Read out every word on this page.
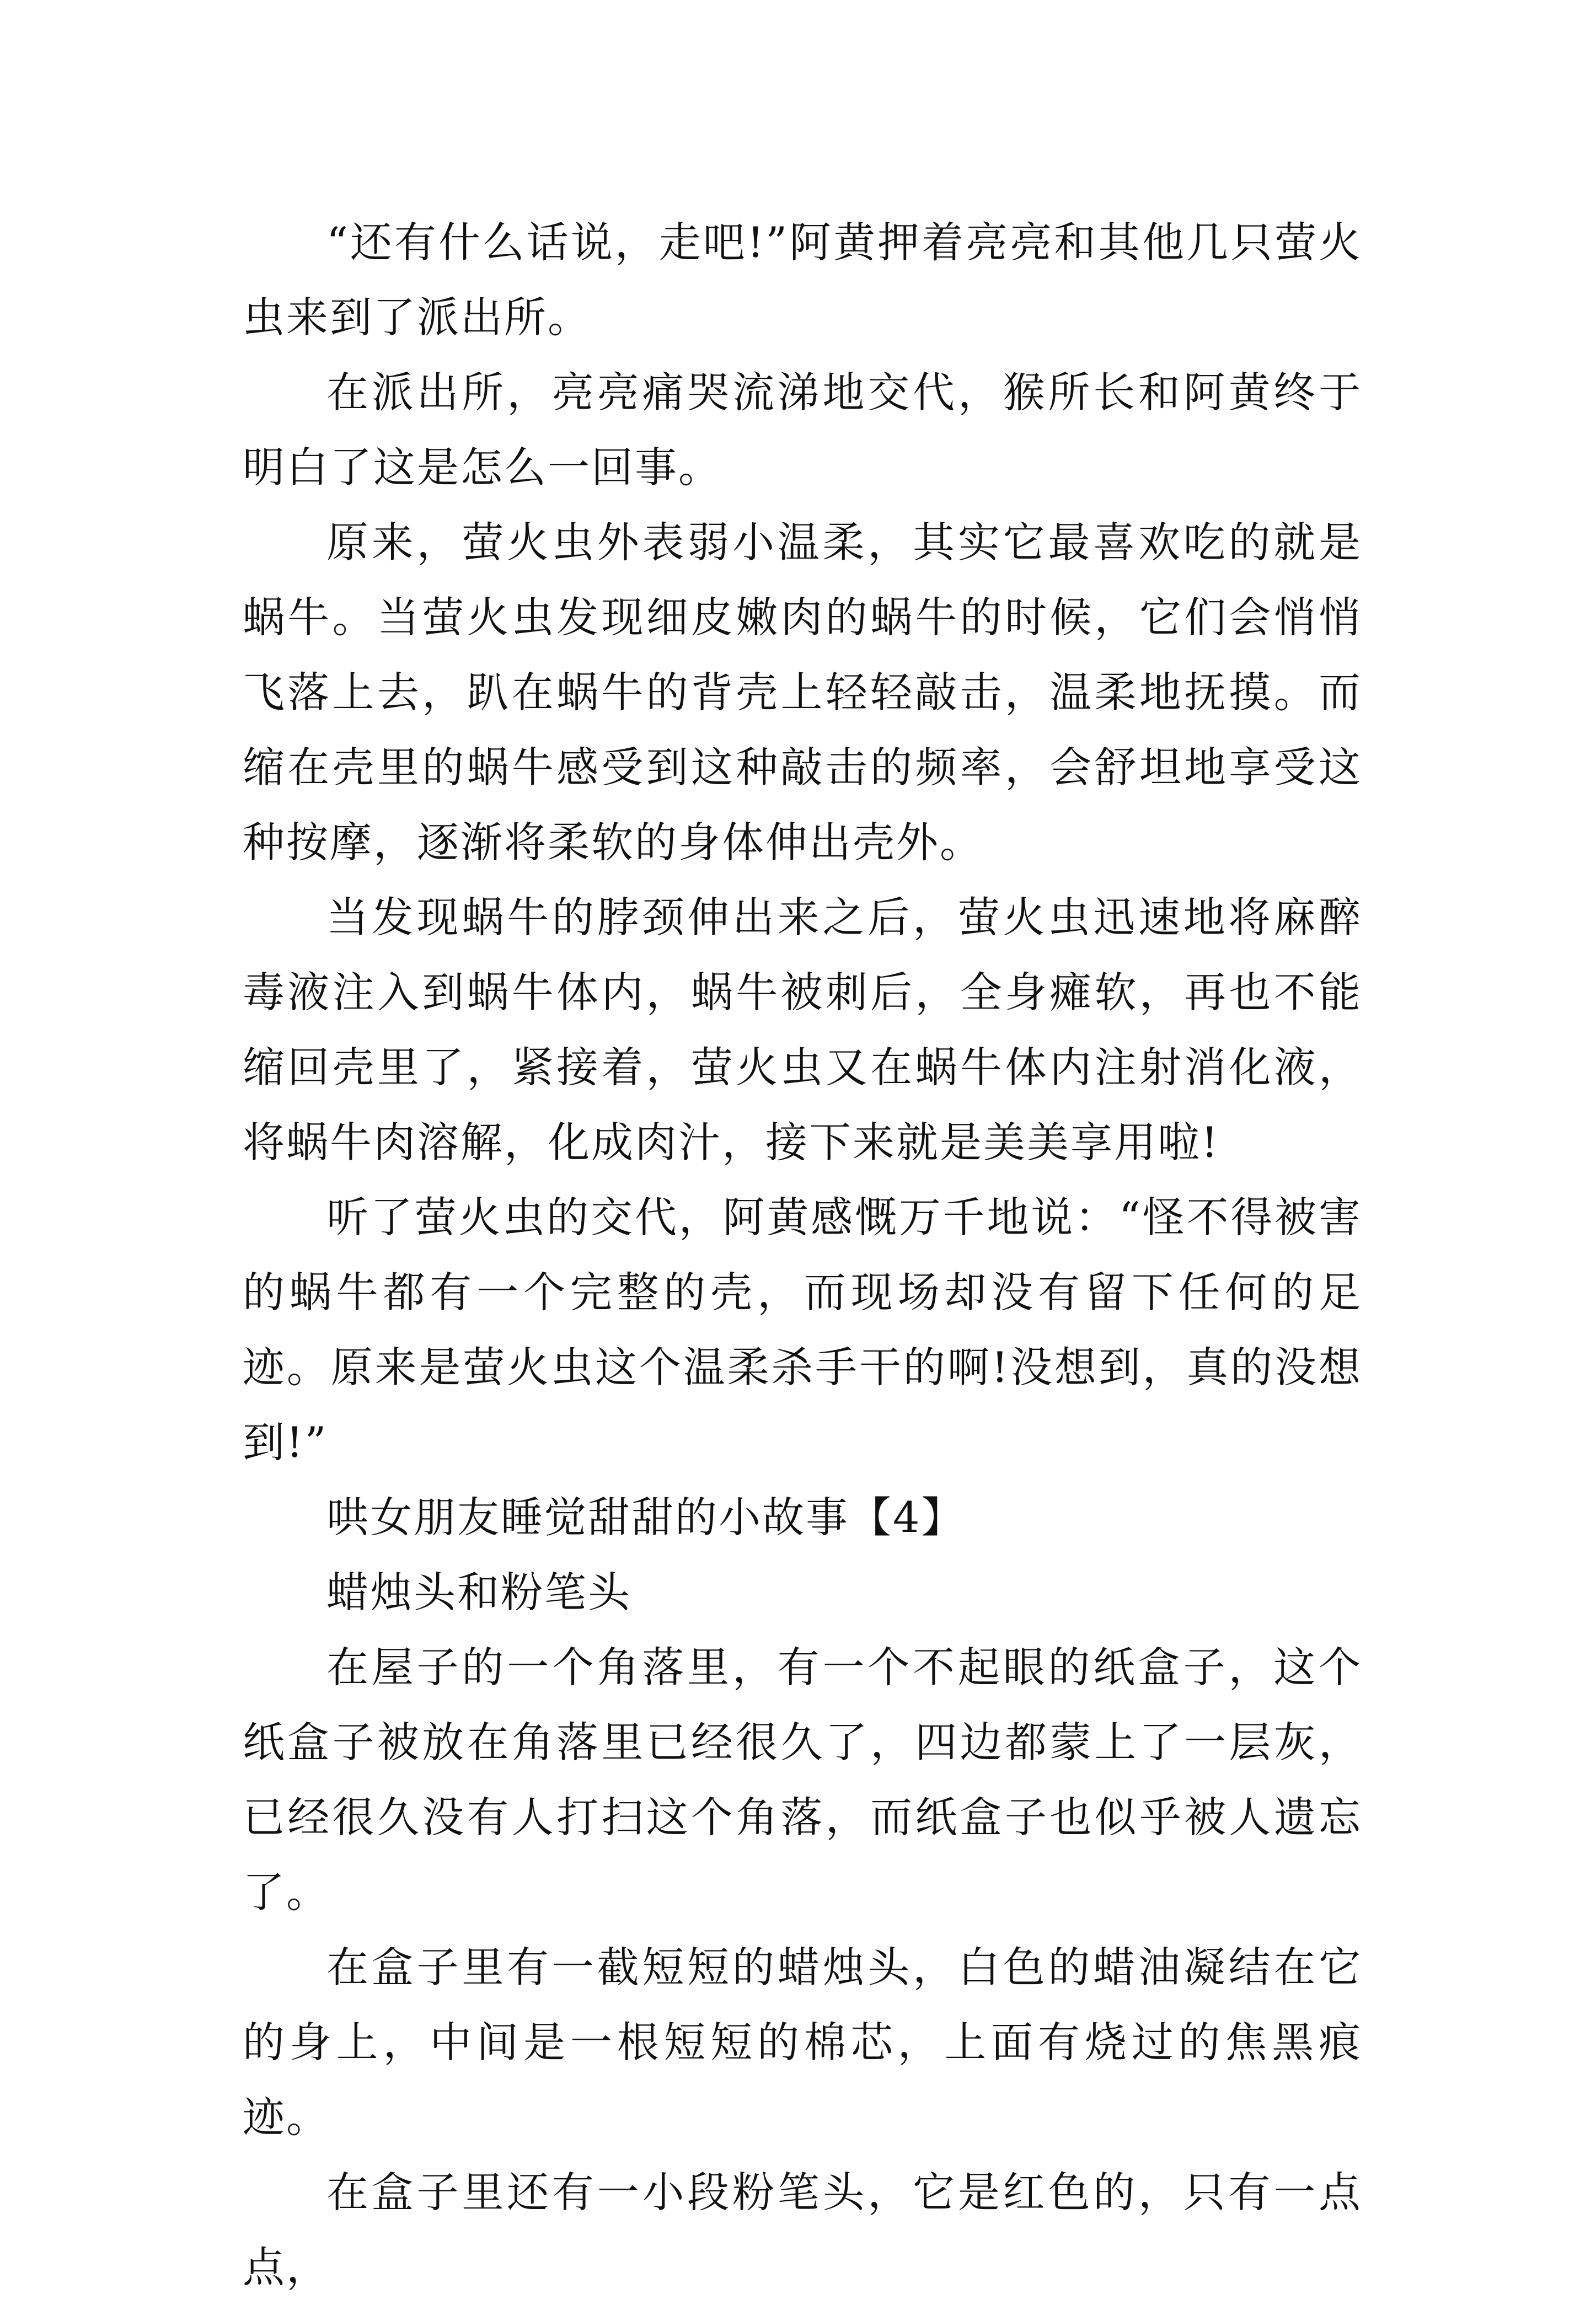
“还有什么话说，走吧!”阿黄押着亮亮和其他几只萤火虫来到了派出所。

在派出所，亮亮痛哭流涕地交代，猴所长和阿黄终于明白了这是怎么一回事。

原来，萤火虫外表弱小温柔，其实它最喜欢吃的就是蜗牛。当萤火虫发现细皮嫩肉的蜗牛的时候，它们会悄悄飞落上去，趴在蜗牛的背壳上轻轻敲击，温柔地抚摸。而缩在壳里的蜗牛感受到这种敲击的频率，会舒坦地享受这种按摩，逐渐将柔软的身体伸出壳外。

当发现蜗牛的脖颈伸出来之后，萤火虫迅速地将麻醉毒液注入到蜗牛体内，蜗牛被刺后，全身瘫软，再也不能缩回壳里了，紧接着，萤火虫又在蜗牛体内注射消化液，将蜗牛肉溶解，化成肉汁，接下来就是美美享用啦!

听了萤火虫的交代，阿黄感慨万千地说：“怪不得被害的蜗牛都有一个完整的壳，而现场却没有留下任何的足迹。原来是萤火虫这个温柔杀手干的啊!没想到，真的没想到!”

哄女朋友睡觉甜甜的小故事【4】

蜡烛头和粉笔头

在屋子的一个角落里，有一个不起眼的纸盒子，这个纸盒子被放在角落里已经很久了，四边都蒙上了一层灰，已经很久没有人打扫这个角落，而纸盒子也似乎被人遗忘了。

在盒子里有一截短短的蜡烛头，白色的蜡油凝结在它的身上，中间是一根短短的棉芯，上面有烧过的焦黑痕迹。

在盒子里还有一小段粉笔头，它是红色的，只有一点点，
